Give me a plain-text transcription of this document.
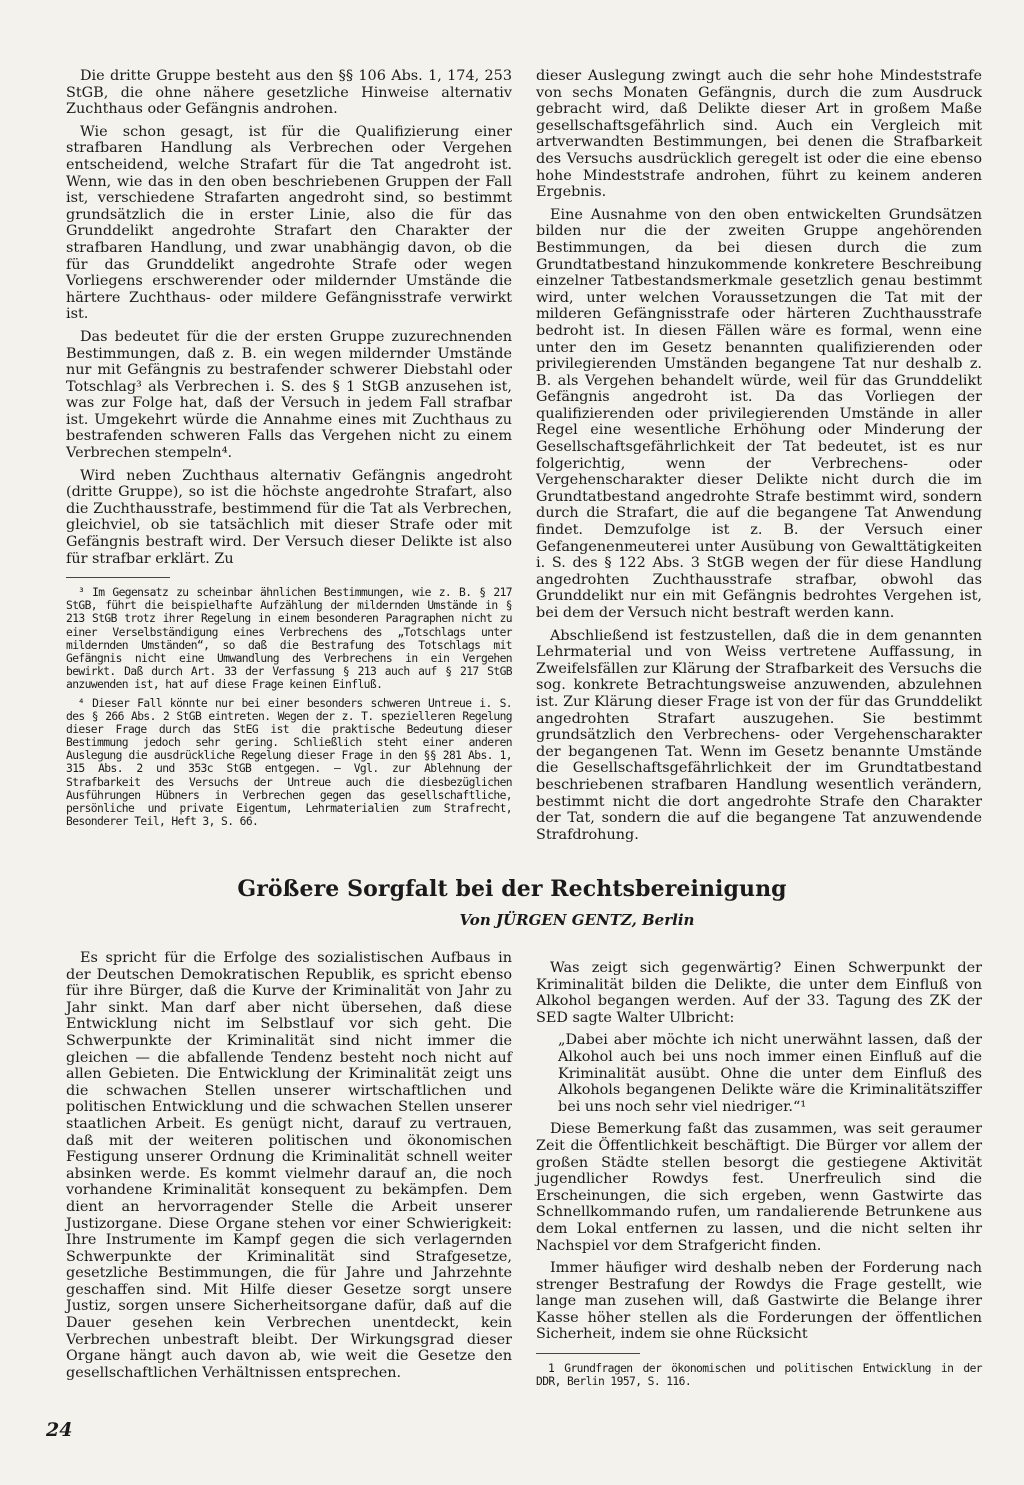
Die dritte Gruppe besteht aus den §§ 106 Abs. 1, 174, 253 StGB, die ohne nähere gesetzliche Hinweise alternativ Zuchthaus oder Gefängnis androhen.

Wie schon gesagt, ist für die Qualifizierung einer strafbaren Handlung als Verbrechen oder Vergehen entscheidend, welche Strafart für die Tat angedroht ist. Wenn, wie das in den oben beschriebenen Gruppen der Fall ist, verschiedene Strafarten angedroht sind, so bestimmt grundsätzlich die in erster Linie, also die für das Grunddelikt angedrohte Strafart den Charakter der strafbaren Handlung, und zwar unabhängig davon, ob die für das Grunddelikt angedrohte Strafe oder wegen Vorliegens erschwerender oder mildernder Umstände die härtere Zuchthaus- oder mildere Gefängnisstrafe verwirkt ist.

Das bedeutet für die der ersten Gruppe zuzurechnenden Bestimmungen, daß z. B. ein wegen mildernder Umstände nur mit Gefängnis zu bestrafender schwerer Diebstahl oder Totschlag³ als Verbrechen i. S. des § 1 StGB anzusehen ist, was zur Folge hat, daß der Versuch in jedem Fall strafbar ist. Umgekehrt würde die Annahme eines mit Zuchthaus zu bestrafenden schweren Falls das Vergehen nicht zu einem Verbrechen stempeln⁴.

Wird neben Zuchthaus alternativ Gefängnis angedroht (dritte Gruppe), so ist die höchste angedrohte Strafart, also die Zuchthausstrafe, bestimmend für die Tat als Verbrechen, gleichviel, ob sie tatsächlich mit dieser Strafe oder mit Gefängnis bestraft wird. Der Versuch dieser Delikte ist also für strafbar erklärt. Zu

³ Im Gegensatz zu scheinbar ähnlichen Bestimmungen, wie z. B. § 217 StGB, führt die beispielhafte Aufzählung der mildernden Umstände in § 213 StGB trotz ihrer Regelung in einem besonderen Paragraphen nicht zu einer Verselbständigung eines Verbrechens des „Totschlags unter mildernden Umständen“, so daß die Bestrafung des Totschlags mit Gefängnis nicht eine Umwandlung des Verbrechens in ein Vergehen bewirkt. Daß durch Art. 33 der Verfassung § 213 auch auf § 217 StGB anzuwenden ist, hat auf diese Frage keinen Einfluß.

⁴ Dieser Fall könnte nur bei einer besonders schweren Untreue i. S. des § 266 Abs. 2 StGB eintreten. Wegen der z. T. spezielleren Regelung dieser Frage durch das StEG ist die praktische Bedeutung dieser Bestimmung jedoch sehr gering. Schließlich steht einer anderen Auslegung die ausdrückliche Regelung dieser Frage in den §§ 281 Abs. 1, 315 Abs. 2 und 353c StGB entgegen. — Vgl. zur Ablehnung der Strafbarkeit des Versuchs der Untreue auch die diesbezüglichen Ausführungen Hübners in Verbrechen gegen das gesellschaftliche, persönliche und private Eigentum, Lehrmaterialien zum Strafrecht, Besonderer Teil, Heft 3, S. 66.

dieser Auslegung zwingt auch die sehr hohe Mindeststrafe von sechs Monaten Gefängnis, durch die zum Ausdruck gebracht wird, daß Delikte dieser Art in großem Maße gesellschaftsgefährlich sind. Auch ein Vergleich mit artverwandten Bestimmungen, bei denen die Strafbarkeit des Versuchs ausdrücklich geregelt ist oder die eine ebenso hohe Mindeststrafe androhen, führt zu keinem anderen Ergebnis.

Eine Ausnahme von den oben entwickelten Grundsätzen bilden nur die der zweiten Gruppe angehörenden Bestimmungen, da bei diesen durch die zum Grundtatbestand hinzukommende konkretere Beschreibung einzelner Tatbestandsmerkmale gesetzlich genau bestimmt wird, unter welchen Voraussetzungen die Tat mit der milderen Gefängnisstrafe oder härteren Zuchthausstrafe bedroht ist. In diesen Fällen wäre es formal, wenn eine unter den im Gesetz benannten qualifizierenden oder privilegierenden Umständen begangene Tat nur deshalb z. B. als Vergehen behandelt würde, weil für das Grunddelikt Gefängnis angedroht ist. Da das Vorliegen der qualifizierenden oder privilegierenden Umstände in aller Regel eine wesentliche Erhöhung oder Minderung der Gesellschaftsgefährlichkeit der Tat bedeutet, ist es nur folgerichtig, wenn der Verbrechens- oder Vergehenscharakter dieser Delikte nicht durch die im Grundtatbestand angedrohte Strafe bestimmt wird, sondern durch die Strafart, die auf die begangene Tat Anwendung findet. Demzufolge ist z. B. der Versuch einer Gefangenenmeuterei unter Ausübung von Gewalttätigkeiten i. S. des § 122 Abs. 3 StGB wegen der für diese Handlung angedrohten Zuchthausstrafe strafbar, obwohl das Grunddelikt nur ein mit Gefängnis bedrohtes Vergehen ist, bei dem der Versuch nicht bestraft werden kann.

Abschließend ist festzustellen, daß die in dem genannten Lehrmaterial und von Weiss vertretene Auffassung, in Zweifelsfällen zur Klärung der Strafbarkeit des Versuchs die sog. konkrete Betrachtungsweise anzuwenden, abzulehnen ist. Zur Klärung dieser Frage ist von der für das Grunddelikt angedrohten Strafart auszugehen. Sie bestimmt grundsätzlich den Verbrechens- oder Vergehenscharakter der begangenen Tat. Wenn im Gesetz benannte Umstände die Gesellschaftsgefährlichkeit der im Grundtatbestand beschriebenen strafbaren Handlung wesentlich verändern, bestimmt nicht die dort angedrohte Strafe den Charakter der Tat, sondern die auf die begangene Tat anzuwendende Strafdrohung.

Größere Sorgfalt bei der Rechtsbereinigung
Von JÜRGEN GENTZ, Berlin

Es spricht für die Erfolge des sozialistischen Aufbaus in der Deutschen Demokratischen Republik, es spricht ebenso für ihre Bürger, daß die Kurve der Kriminalität von Jahr zu Jahr sinkt. Man darf aber nicht übersehen, daß diese Entwicklung nicht im Selbstlauf vor sich geht. Die Schwerpunkte der Kriminalität sind nicht immer die gleichen — die abfallende Tendenz besteht noch nicht auf allen Gebieten. Die Entwicklung der Kriminalität zeigt uns die schwachen Stellen unserer wirtschaftlichen und politischen Entwicklung und die schwachen Stellen unserer staatlichen Arbeit. Es genügt nicht, darauf zu vertrauen, daß mit der weiteren politischen und ökonomischen Festigung unserer Ordnung die Kriminalität schnell weiter absinken werde. Es kommt vielmehr darauf an, die noch vorhandene Kriminalität konsequent zu bekämpfen. Dem dient an hervorragender Stelle die Arbeit unserer Justizorgane. Diese Organe stehen vor einer Schwierigkeit: Ihre Instrumente im Kampf gegen die sich verlagernden Schwerpunkte der Kriminalität sind Strafgesetze, gesetzliche Bestimmungen, die für Jahre und Jahrzehnte geschaffen sind. Mit Hilfe dieser Gesetze sorgt unsere Justiz, sorgen unsere Sicherheitsorgane dafür, daß auf die Dauer gesehen kein Verbrechen unentdeckt, kein Verbrechen unbestraft bleibt. Der Wirkungsgrad dieser Organe hängt auch davon ab, wie weit die Gesetze den gesellschaftlichen Verhältnissen entsprechen.

Was zeigt sich gegenwärtig? Einen Schwerpunkt der Kriminalität bilden die Delikte, die unter dem Einfluß von Alkohol begangen werden. Auf der 33. Tagung des ZK der SED sagte Walter Ulbricht:

„Dabei aber möchte ich nicht unerwähnt lassen, daß der Alkohol auch bei uns noch immer einen Einfluß auf die Kriminalität ausübt. Ohne die unter dem Einfluß des Alkohols begangenen Delikte wäre die Kriminalitätsziffer bei uns noch sehr viel niedriger.“¹

Diese Bemerkung faßt das zusammen, was seit geraumer Zeit die Öffentlichkeit beschäftigt. Die Bürger vor allem der großen Städte stellen besorgt die gestiegene Aktivität jugendlicher Rowdys fest. Unerfreulich sind die Erscheinungen, die sich ergeben, wenn Gastwirte das Schnellkommando rufen, um randalierende Betrunkene aus dem Lokal entfernen zu lassen, und die nicht selten ihr Nachspiel vor dem Strafgericht finden.

Immer häufiger wird deshalb neben der Forderung nach strenger Bestrafung der Rowdys die Frage gestellt, wie lange man zusehen will, daß Gastwirte die Belange ihrer Kasse höher stellen als die Forderungen der öffentlichen Sicherheit, indem sie ohne Rücksicht

1 Grundfragen der ökonomischen und politischen Entwicklung in der DDR, Berlin 1957, S. 116.

24
